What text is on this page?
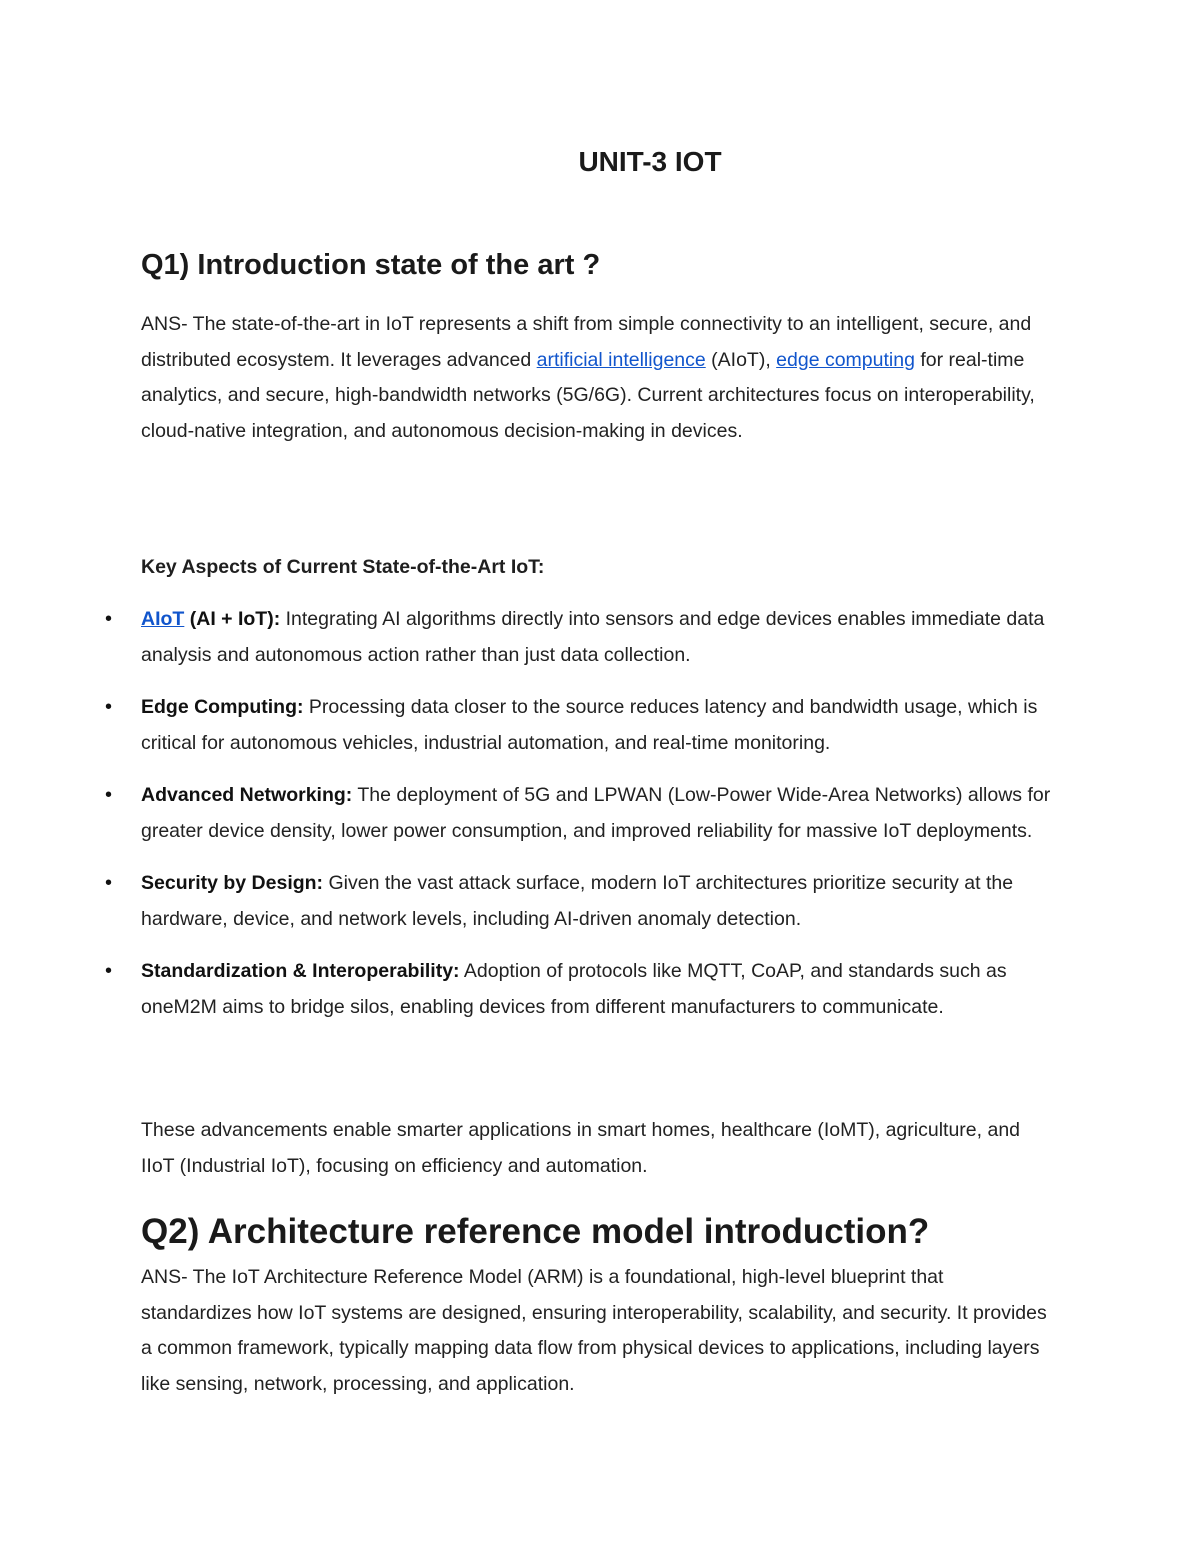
UNIT-3 IOT
Q1) Introduction state of the art ?

ANS- The state-of-the-art in IoT represents a shift from simple connectivity to an intelligent, secure, and distributed ecosystem. It leverages advanced artificial intelligence (AIoT), edge computing for real-time analytics, and secure, high-bandwidth networks (5G/6G). Current architectures focus on interoperability, cloud-native integration, and autonomous decision-making in devices.

Key Aspects of Current State-of-the-Art IoT:

• AIoT (AI + IoT): Integrating AI algorithms directly into sensors and edge devices enables immediate data analysis and autonomous action rather than just data collection.
• Edge Computing: Processing data closer to the source reduces latency and bandwidth usage, which is critical for autonomous vehicles, industrial automation, and real-time monitoring.
• Advanced Networking: The deployment of 5G and LPWAN (Low-Power Wide-Area Networks) allows for greater device density, lower power consumption, and improved reliability for massive IoT deployments.
• Security by Design: Given the vast attack surface, modern IoT architectures prioritize security at the hardware, device, and network levels, including AI-driven anomaly detection.
• Standardization & Interoperability: Adoption of protocols like MQTT, CoAP, and standards such as oneM2M aims to bridge silos, enabling devices from different manufacturers to communicate.

These advancements enable smarter applications in smart homes, healthcare (IoMT), agriculture, and IIoT (Industrial IoT), focusing on efficiency and automation.

Q2) Architecture reference model introduction?

ANS- The IoT Architecture Reference Model (ARM) is a foundational, high-level blueprint that standardizes how IoT systems are designed, ensuring interoperability, scalability, and security. It provides a common framework, typically mapping data flow from physical devices to applications, including layers like sensing, network, processing, and application.
